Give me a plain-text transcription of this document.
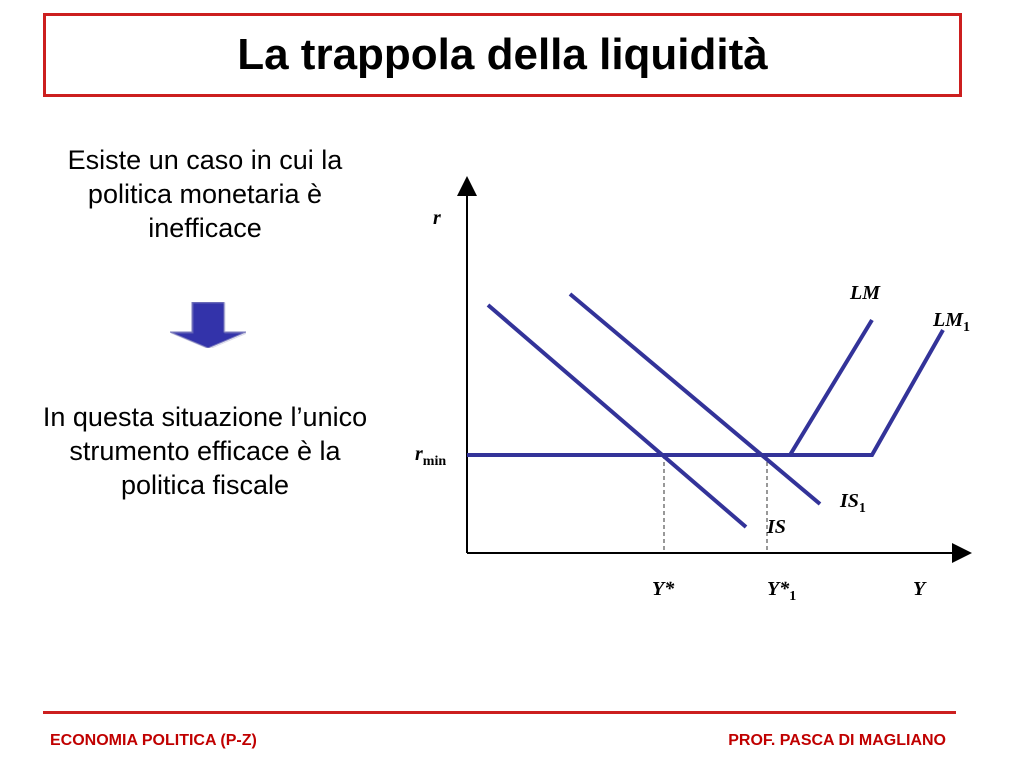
La trappola della liquidità
Esiste un caso in cui la politica monetaria è inefficace
In questa situazione l’unico strumento efficace è la politica fiscale
r
Y
$r_{min}$
LM
$LM_1$
IS
$IS_1$
Y*	$Y*_1$
ECONOMIA POLITICA (P-Z)	PROF. PASCA DI MAGLIANO
